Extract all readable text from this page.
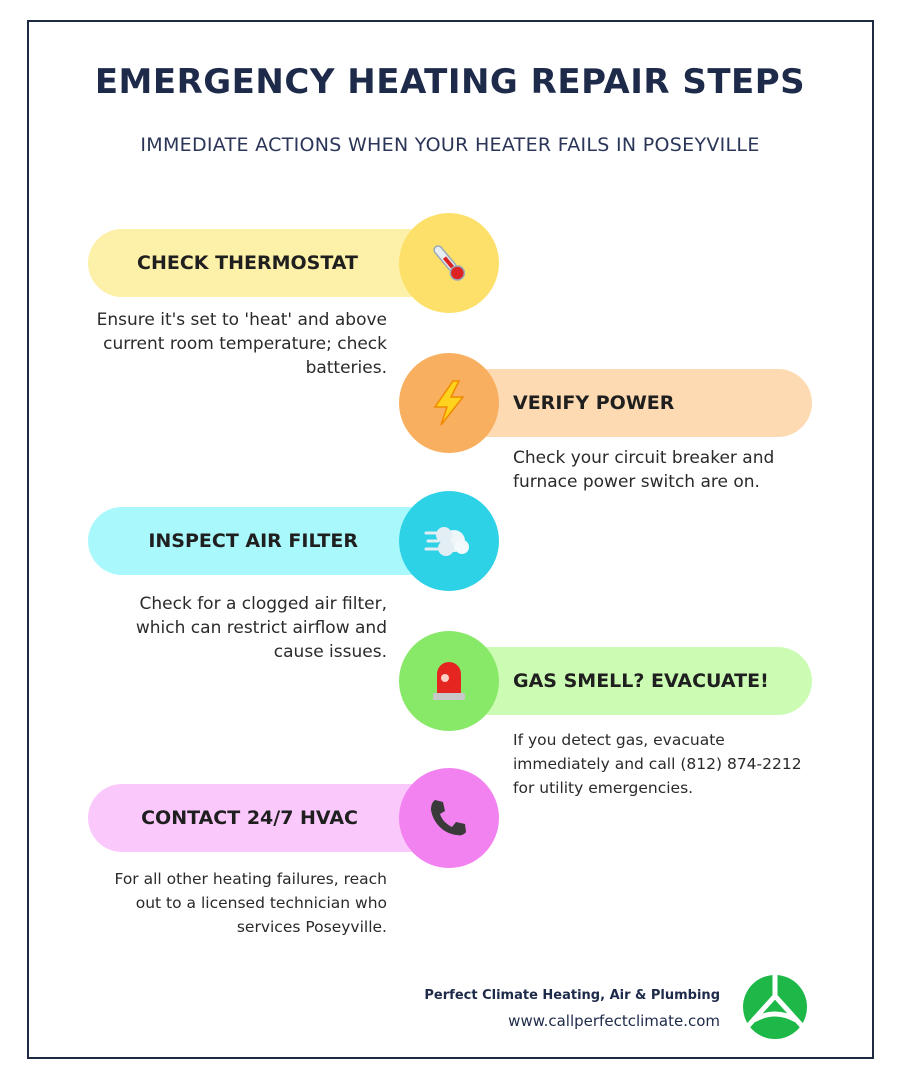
EMERGENCY HEATING REPAIR STEPS
IMMEDIATE ACTIONS WHEN YOUR HEATER FAILS IN POSEYVILLE
CHECK THERMOSTAT
Ensure it's set to 'heat' and above current room temperature; check batteries.
VERIFY POWER
Check your circuit breaker and furnace power switch are on.
INSPECT AIR FILTER
Check for a clogged air filter, which can restrict airflow and cause issues.
GAS SMELL? EVACUATE!
If you detect gas, evacuate immediately and call (812) 874-2212 for utility emergencies.
CONTACT 24/7 HVAC
For all other heating failures, reach out to a licensed technician who services Poseyville.
Perfect Climate Heating, Air & Plumbing
www.callperfectclimate.com
